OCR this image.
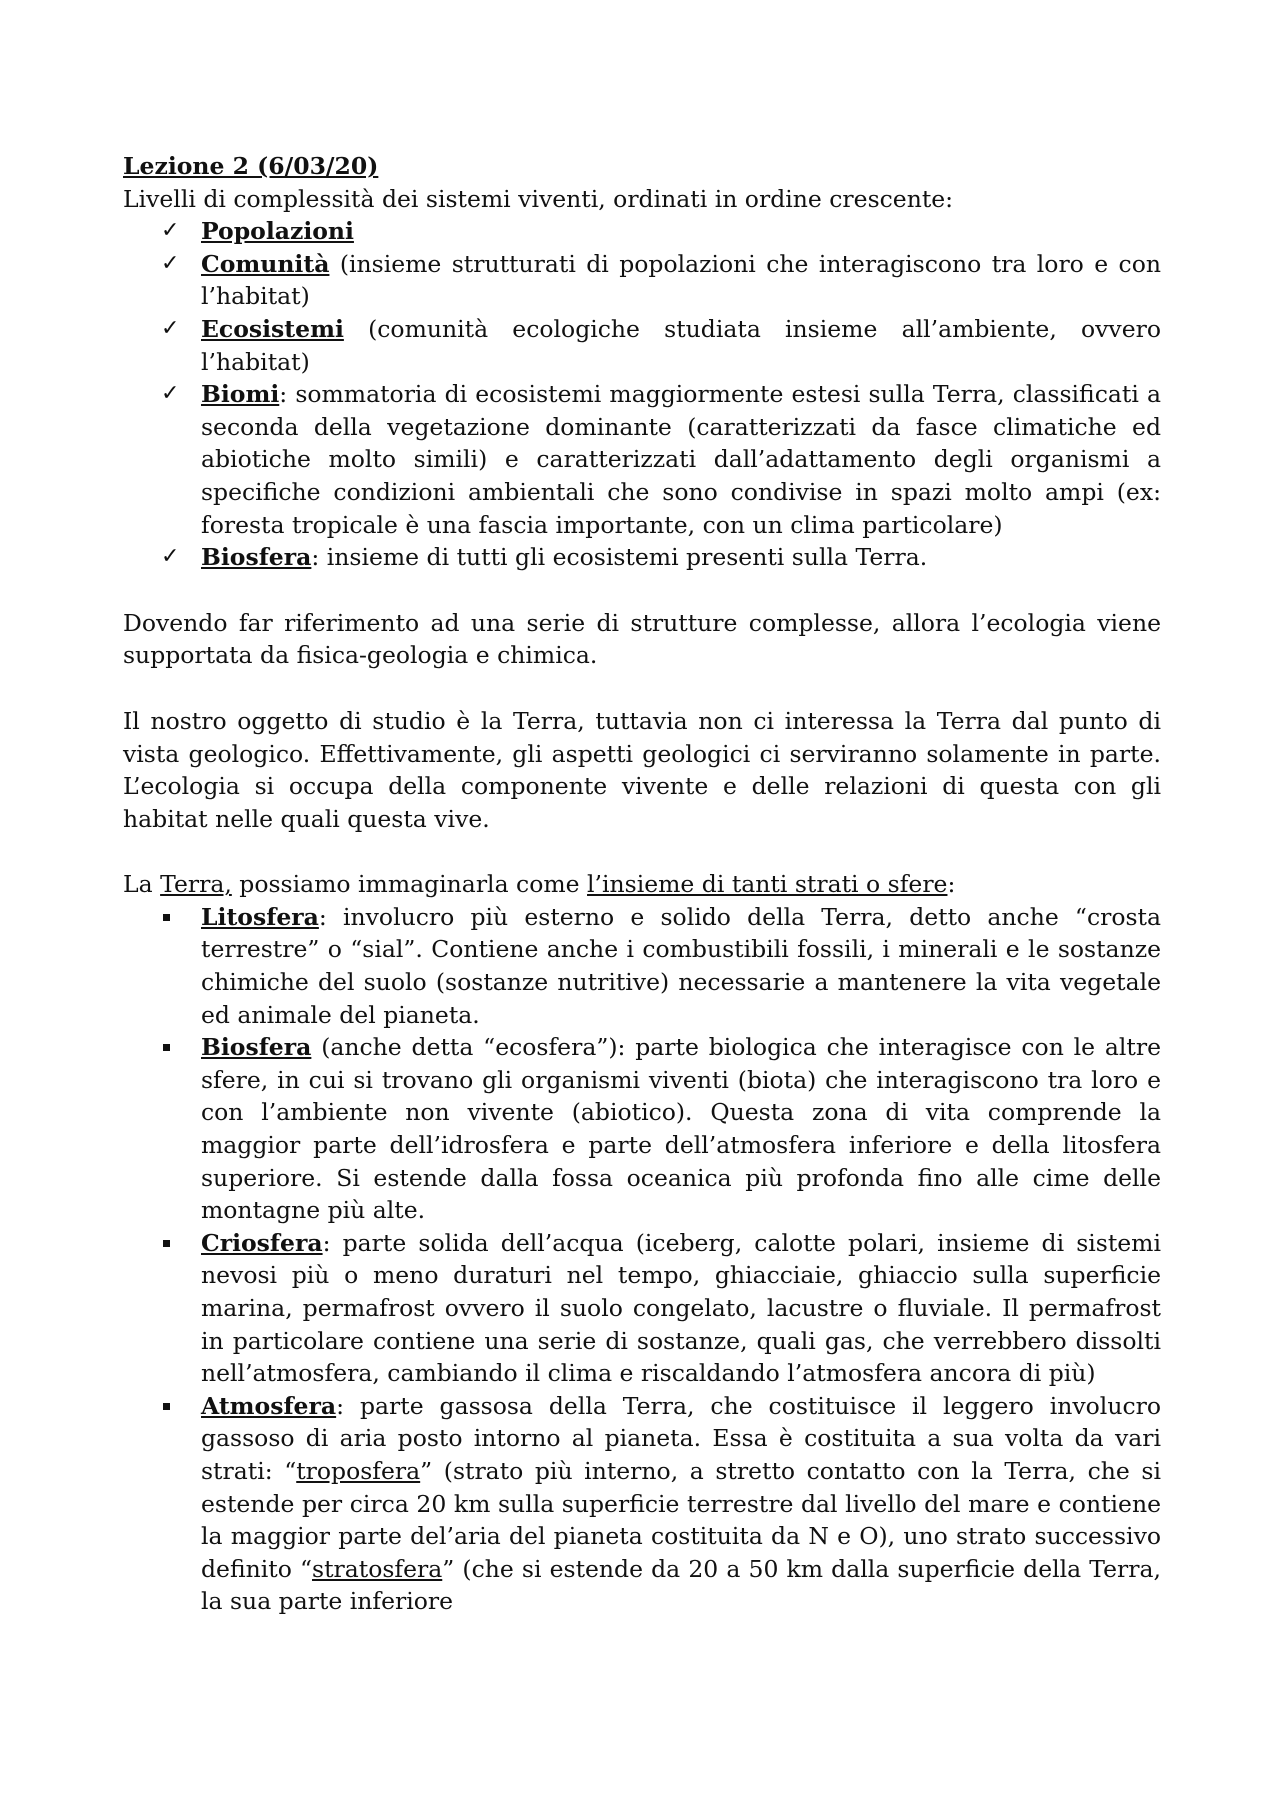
Lezione 2 (6/03/20)

Livelli di complessità dei sistemi viventi, ordinati in ordine crescente:

✓ Popolazioni
✓ Comunità (insieme strutturati di popolazioni che interagiscono tra loro e con l’habitat)
✓ Ecosistemi (comunità ecologiche studiata insieme all’ambiente, ovvero l’habitat)
✓ Biomi: sommatoria di ecosistemi maggiormente estesi sulla Terra, classificati a seconda della vegetazione dominante (caratterizzati da fasce climatiche ed abiotiche molto simili) e caratterizzati dall’adattamento degli organismi a specifiche condizioni ambientali che sono condivise in spazi molto ampi (ex: foresta tropicale è una fascia importante, con un clima particolare)
✓ Biosfera: insieme di tutti gli ecosistemi presenti sulla Terra.

Dovendo far riferimento ad una serie di strutture complesse, allora l’ecologia viene supportata da fisica-geologia e chimica.

Il nostro oggetto di studio è la Terra, tuttavia non ci interessa la Terra dal punto di vista geologico. Effettivamente, gli aspetti geologici ci serviranno solamente in parte. L’ecologia si occupa della componente vivente e delle relazioni di questa con gli habitat nelle quali questa vive.

La Terra, possiamo immaginarla come l’insieme di tanti strati o sfere:

Litosfera: involucro più esterno e solido della Terra, detto anche “crosta terrestre” o “sial”. Contiene anche i combustibili fossili, i minerali e le sostanze chimiche del suolo (sostanze nutritive) necessarie a mantenere la vita vegetale ed animale del pianeta.
Biosfera (anche detta “ecosfera”): parte biologica che interagisce con le altre sfere, in cui si trovano gli organismi viventi (biota) che interagiscono tra loro e con l’ambiente non vivente (abiotico). Questa zona di vita comprende la maggior parte dell’idrosfera e parte dell’atmosfera inferiore e della litosfera superiore. Si estende dalla fossa oceanica più profonda fino alle cime delle montagne più alte.
Criosfera: parte solida dell’acqua (iceberg, calotte polari, insieme di sistemi nevosi più o meno duraturi nel tempo, ghiacciaie, ghiaccio sulla superficie marina, permafrost ovvero il suolo congelato, lacustre o fluviale. Il permafrost in particolare contiene una serie di sostanze, quali gas, che verrebbero dissolti nell’atmosfera, cambiando il clima e riscaldando l’atmosfera ancora di più)
Atmosfera: parte gassosa della Terra, che costituisce il leggero involucro gassoso di aria posto intorno al pianeta. Essa è costituita a sua volta da vari strati: “troposfera” (strato più interno, a stretto contatto con la Terra, che si estende per circa 20 km sulla superficie terrestre dal livello del mare e contiene la maggior parte del’aria del pianeta costituita da N e O), uno strato successivo definito “stratosfera” (che si estende da 20 a 50 km dalla superficie della Terra, la sua parte inferiore
